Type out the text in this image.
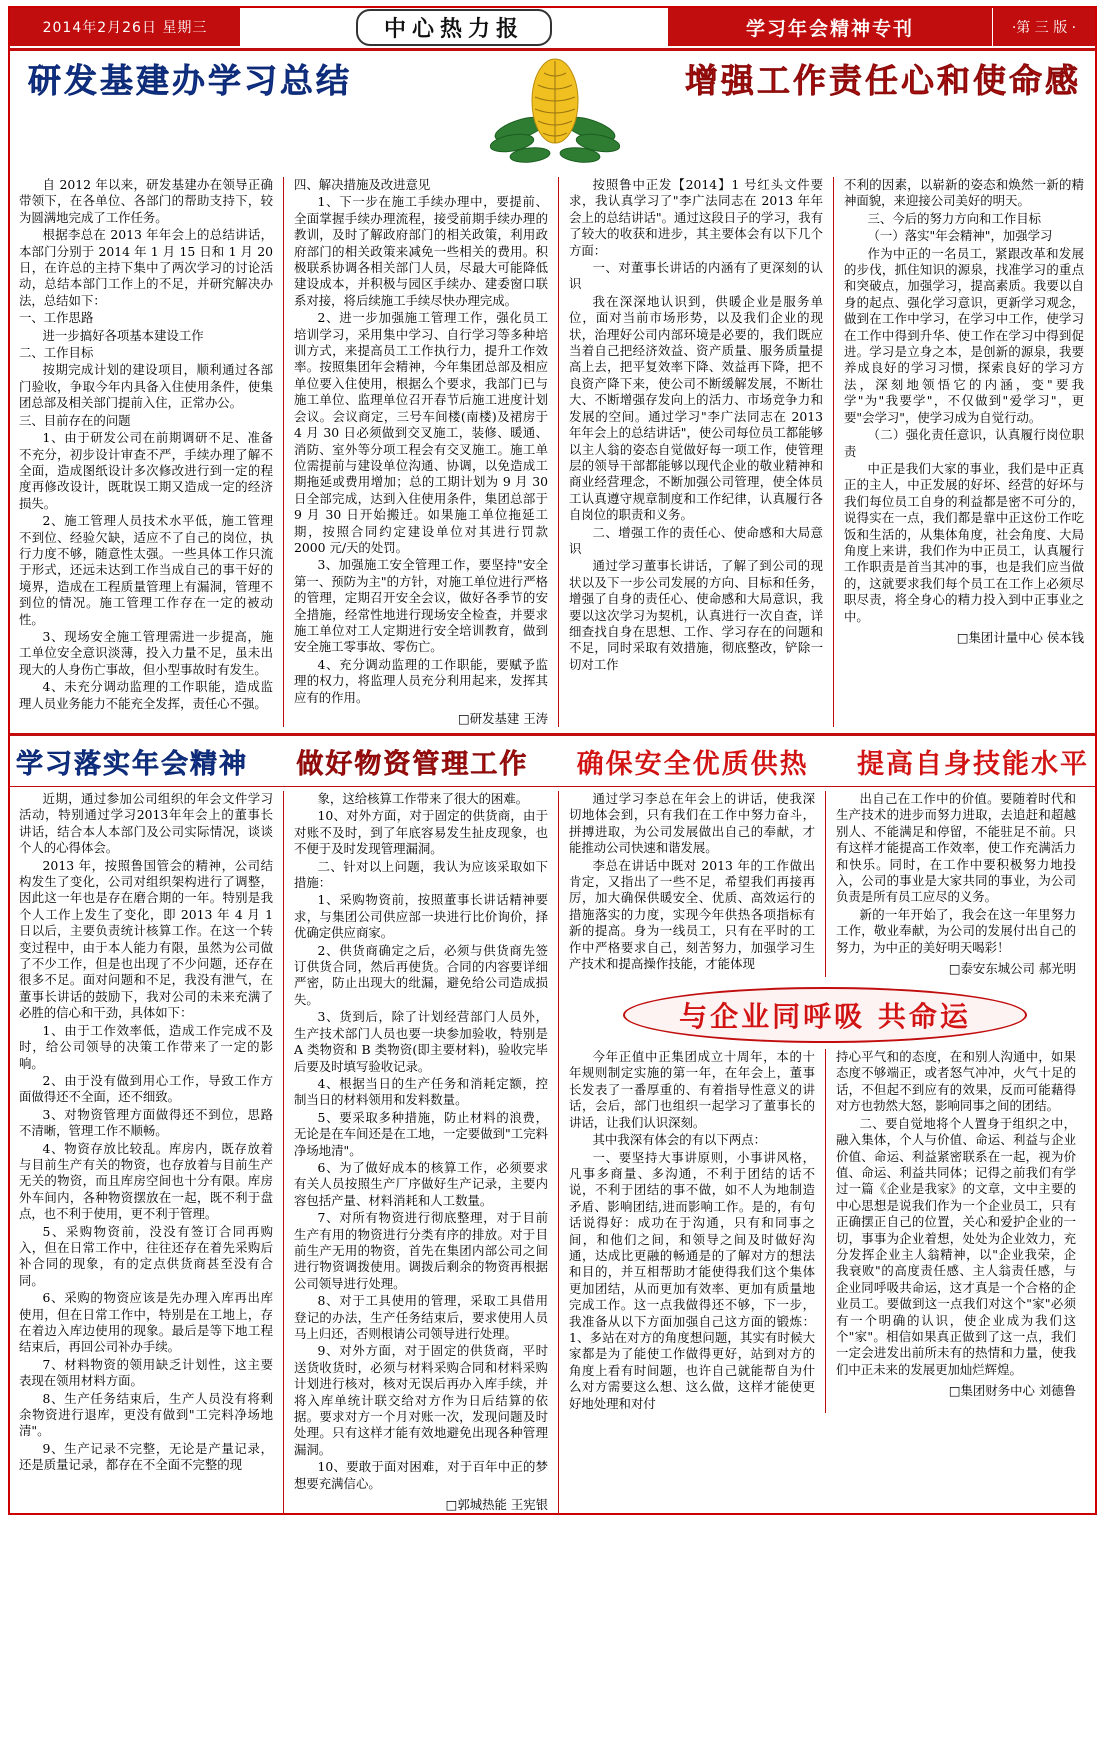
2014年2月26日 星期三	中心热力报	学习年会精神专刊	·第 三 版 ·
研发基建办学习总结	增强工作责任心和使命感

自 2012 年以来，研发基建办在领导正确带领下，在各单位、各部门的帮助支持下，较为圆满地完成了工作任务。

根据李总在 2013 年年会上的总结讲话，本部门分别于 2014 年 1 月 15 日和 1 月 20 日，在许总的主持下集中了两次学习的讨论活动，总结本部门工作上的不足，并研究解决办法，总结如下：

一、工作思路

进一步搞好各项基本建设工作

二、工作目标

按期完成计划的建设项目，顺利通过各部门验收，争取今年内具备入住使用条件，使集团总部及相关部门提前入住，正常办公。

三、目前存在的问题

1、由于研发公司在前期调研不足、准备不充分，初步设计审查不严，手续办理了解不全面，造成图纸设计多次修改进行到一定的程度再修改设计，既耽误工期又造成一定的经济损失。

2、施工管理人员技术水平低，施工管理不到位、经验欠缺，适应不了自己的岗位，执行力度不够，随意性太强。一些具体工作只流于形式，还远未达到工作当成自己的事干好的境界，造成在工程质量管理上有漏洞，管理不到位的情况。施工管理工作存在一定的被动性。

3、现场安全施工管理需进一步提高，施工单位安全意识淡薄，投入力量不足，虽未出现大的人身伤亡事故，但小型事故时有发生。

4、未充分调动监理的工作职能，造成监理人员业务能力不能充全发挥，责任心不强。

四、解决措施及改进意见

1、下一步在施工手续办理中，要提前、全面掌握手续办理流程，接受前期手续办理的教训，及时了解政府部门的相关政策，利用政府部门的相关政策来减免一些相关的费用。积极联系协调各相关部门人员，尽最大可能降低建设成本，并积极与园区手续办、建委窗口联系对接，将后续施工手续尽快办理完成。

2、进一步加强施工管理工作，强化员工培训学习，采用集中学习、自行学习等多种培训方式，来提高员工工作执行力，提升工作效率。按照集团年会精神，今年集团总部及相应单位要入住使用，根据么个要求，我部门已与施工单位、监理单位召开春节后施工进度计划会议。会议商定，三号车间楼(南楼)及裙房于 4 月 30 日必须做到交叉施工，装修、暖通、消防、室外等分项工程会有交叉施工。施工单位需提前与建设单位沟通、协调，以免造成工期拖延或费用增加；总的工期计划为 9 月 30 日全部完成，达到入住使用条件，集团总部于 9 月 30 日开始搬迁。如果施工单位拖延工期，按照合同约定建设单位对其进行罚款 2000 元/天的处罚。

3、加强施工安全管理工作，要坚持"安全第一、预防为主"的方针，对施工单位进行严格的管理，定期召开安全会议，做好各季节的安全措施，经常性地进行现场安全检查，并要求施工单位对工人定期进行安全培训教育，做到安全施工零事故、零伤亡。

4、充分调动监理的工作职能，要赋予监理的权力，将监理人员充分利用起来，发挥其应有的作用。

□研发基建 王涛

按照鲁中正发【2014】1 号红头文件要求，我认真学习了"李广法同志在 2013 年年会上的总结讲话"。通过这段日子的学习，我有了较大的收获和进步，其主要体会有以下几个方面：

一、对董事长讲话的内涵有了更深刻的认识

我在深深地认识到，供暖企业是服务单位，面对当前市场形势，以及我们企业的现状，治理好公司内部环境是必要的，我们既应当着自己把经济效益、资产质量、服务质量提高上去，把平复效率下降、效益再下降，把不良资产降下来，使公司不断缓解发展，不断壮大、不断增强存发向上的活力、市场竞争力和发展的空间。通过学习"李广法同志在 2013 年年会上的总结讲话"，使公司每位员工都能够以主人翁的姿态自觉做好每一项工作，使管理层的领导干部都能够以现代企业的敬业精神和商业经营理念，不断加强公司管理，使全体员工认真遵守规章制度和工作纪律，认真履行各自岗位的职责和义务。

二、增强工作的责任心、使命感和大局意识

通过学习董事长讲话，了解了到公司的现状以及下一步公司发展的方向、目标和任务，增强了自身的责任心、使命感和大局意识，我要以这次学习为契机，认真进行一次自查，详细查找自身在思想、工作、学习存在的问题和不足，同时采取有效措施，彻底整改，铲除一切对工作

不利的因素，以崭新的姿态和焕然一新的精神面貌，来迎接公司美好的明天。

三、今后的努力方向和工作目标

（一）落实"年会精神"，加强学习

作为中正的一名员工，紧跟改革和发展的步伐，抓住知识的源泉，找准学习的重点和突破点，加强学习，提高素质。我要以自身的起点、强化学习意识，更新学习观念，做到在工作中学习，在学习中工作，使学习在工作中得到升华、使工作在学习中得到促进。学习是立身之本，是创新的源泉，我要养成良好的学习习惯，探索良好的学习方法，深刻地领悟它的内涵，变"要我学"为"我要学"，不仅做到"爱学习"，更要"会学习"，使学习成为自觉行动。

（二）强化责任意识，认真履行岗位职责

中正是我们大家的事业，我们是中正真正的主人，中正发展的好坏、经营的好坏与我们每位员工自身的利益都是密不可分的，说得实在一点，我们都是靠中正这份工作吃饭和生活的，从集体角度，社会角度、大局角度上来讲，我们作为中正员工，认真履行工作职责是首当其冲的事，也是我们应当做的，这就要求我们每个员工在工作上必须尽职尽责，将全身心的精力投入到中正事业之中。

□集团计量中心 侯本钱
学习落实年会精神 做好物资管理工作 确保安全优质供热 提高自身技能水平

近期，通过参加公司组织的年会文件学习活动，特别通过学习2013年年会上的董事长讲话，结合本人本部门及公司实际情况，谈谈个人的心得体会。

2013 年，按照鲁国管会的精神，公司结构发生了变化，公司对组织架构进行了调整，因此这一年也是存在磨合期的一年。特别是我个人工作上发生了变化，即 2013 年 4 月 1 日以后，主要负责统计核算工作。在这一个转变过程中，由于本人能力有限，虽然为公司做了不少工作，但是也出现了不少问题，还存在很多不足。面对问题和不足，我没有泄气，在董事长讲话的鼓励下，我对公司的未来充满了必胜的信心和干劲，具体如下：

1、由于工作效率低，造成工作完成不及时，给公司领导的决策工作带来了一定的影响。

2、由于没有做到用心工作，导致工作方面做得还不全面，还不细致。

3、对物资管理方面做得还不到位，思路不清晰，管理工作不顺畅。

4、物资存放比较乱。库房内，既存放着与目前生产有关的物资，也存放着与目前生产无关的物资，而且库房空间也十分有限。库房外车间内，各种物资摆放在一起，既不利于盘点，也不利于使用，更不利于管理。

5、采购物资前，没没有签订合同再购入，但在日常工作中，往往还存在着先采购后补合同的现象，有的定点供货商甚至没有合同。

6、采购的物资应该是先办理入库再出库使用，但在日常工作中，特别是在工地上，存在着边入库边使用的现象。最后是等下地工程结束后，再回公司补办手续。

7、材料物资的领用缺乏计划性，这主要表现在领用材料方面。

8、生产任务结束后，生产人员没有将剩余物资进行退库，更没有做到"工完料净场地清"。

9、生产记录不完整，无论是产量记录，还是质量记录，都存在不全面不完整的现

象，这给核算工作带来了很大的困难。

10、对外方面，对于固定的供货商，由于对账不及时，到了年底容易发生扯皮现象，也不便于及时发现管理漏洞。

二、针对以上问题，我认为应该采取如下措施：

1、采购物资前，按照董事长讲话精神要求，与集团公司供应部一块进行比价询价，择优确定供应商家。

2、供货商确定之后，必须与供货商先签订供货合同，然后再使货。合同的内容要详细严密，防止出现大的纰漏，避免给公司造成损失。

3、货到后，除了计划经营部门人员外，生产技术部门人员也要一块参加验收，特别是 A 类物资和 B 类物资(即主要材料)，验收完毕后要及时填写验收记录。

4、根据当日的生产任务和消耗定额，控制当日的材料领用和发料数量。

5、要采取多种措施，防止材料的浪费，无论是在车间还是在工地，一定要做到"工完料净场地清"。

6、为了做好成本的核算工作，必须要求有关人员按照生产厂序做好生产记录，主要内容包括产量、材料消耗和人工数量。

7、对所有物资进行彻底整理，对于目前生产有用的物资进行分类有序的排放。对于目前生产无用的物资，首先在集团内部公司之间进行物资调拨使用。调拨后剩余的物资再根据公司领导进行处理。

8、对于工具使用的管理，采取工具借用登记的办法，生产任务结束后，要求使用人员马上归还，否则根请公司领导进行处理。

9、对外方面，对于固定的供货商，平时送货收货时，必须与材料采购合同和材料采购计划进行核对，核对无误后再办入库手续，并将入库单统计联交给对方作为日后结算的依据。要求对方一个月对账一次，发现问题及时处理。只有这样才能有效地避免出现各种管理漏洞。

10、要敢于面对困难，对于百年中正的梦想要充满信心。

□郭城热能 王宪银

通过学习李总在年会上的讲话，使我深切地体会到，只有我们在工作中努力奋斗，拼搏进取，为公司发展做出自己的奉献，才能推动公司快速和谐发展。

李总在讲话中既对 2013 年的工作做出肯定，又指出了一些不足，希望我们再接再厉，加大确保供暖安全、优质、高效运行的措施落实的力度，实现今年供热各项指标有新的提高。身为一线员工，只有在平时的工作中严格要求自己，刻苦努力，加强学习生产技术和提高操作技能，才能体现

出自己在工作中的价值。要随着时代和生产技术的进步而努力进取，去追赶和超越别人、不能满足和停留，不能驻足不前。只有这样才能提高工作效率，使工作充满活力和快乐。同时，在工作中要积极努力地投入，公司的事业是大家共同的事业，为公司负责是所有员工应尽的义务。

新的一年开始了，我会在这一年里努力工作，敬业奉献，为公司的发展付出自己的努力，为中正的美好明天喝彩！

□泰安东城公司 郝光明
与企业同呼吸 共命运

今年正值中正集团成立十周年，本的十年规则制定实施的第一年，在年会上，董事长发表了一番厚重的、有着指导性意义的讲话，会后，部门也组织一起学习了董事长的讲话，让我们认识深刻。

其中我深有体会的有以下两点：

一、要坚持大事讲原则，小事讲风格，凡事多商量、多沟通，不利于团结的话不说，不利于团结的事不做，如不人为地制造矛盾、影响团结,进而影响工作。是的，有句话说得好：成功在于沟通，只有和同事之间，和他们之间，和领导之间及时做好沟通，达成比更融的畅通是的了解对方的想法和目的，并互相帮助才能使得我们这个集体更加团结，从而更加有效率、更加有质量地完成工作。这一点我做得还不够，下一步，我准备从以下方面加强自己这方面的锻炼：1、多站在对方的角度想问题，其实有时候大家都是为了能使工作做得更好，站到对方的角度上看有时间题，也许自己就能帮自为什么对方需要这么想、这么做，这样才能使更好地处理和对付

持心平气和的态度，在和别人沟通中，如果态度不够端正，或者怒气冲冲，火气十足的话，不但起不到应有的效果，反而可能藉得对方也勃然大怒，影响同事之间的团结。

二、要自觉地将个人置身于组织之中，融入集体，个人与价值、命运、利益与企业价值、命运、利益紧密联系在一起，视为价值、命运、利益共同体；记得之前我们有学过一篇《企业是我家》的文章，文中主要的中心思想是说我们作为一个企业员工，只有正确摆正自己的位置，关心和爱护企业的一切，事事为企业着想，处处为企业效力，充分发挥企业主人翁精神，以"企业我荣，企我衰败"的高度责任感、主人翁责任感，与企业同呼吸共命运，这才真是一个合格的企业员工。要做到这一点我们对这个"家"必须有一个明确的认识，使企业成为我们这个"家"。相信如果真正做到了这一点，我们一定会进发出前所未有的热情和力量，使我们中正未来的发展更加灿烂辉煌。

□集团财务中心 刘德鲁
